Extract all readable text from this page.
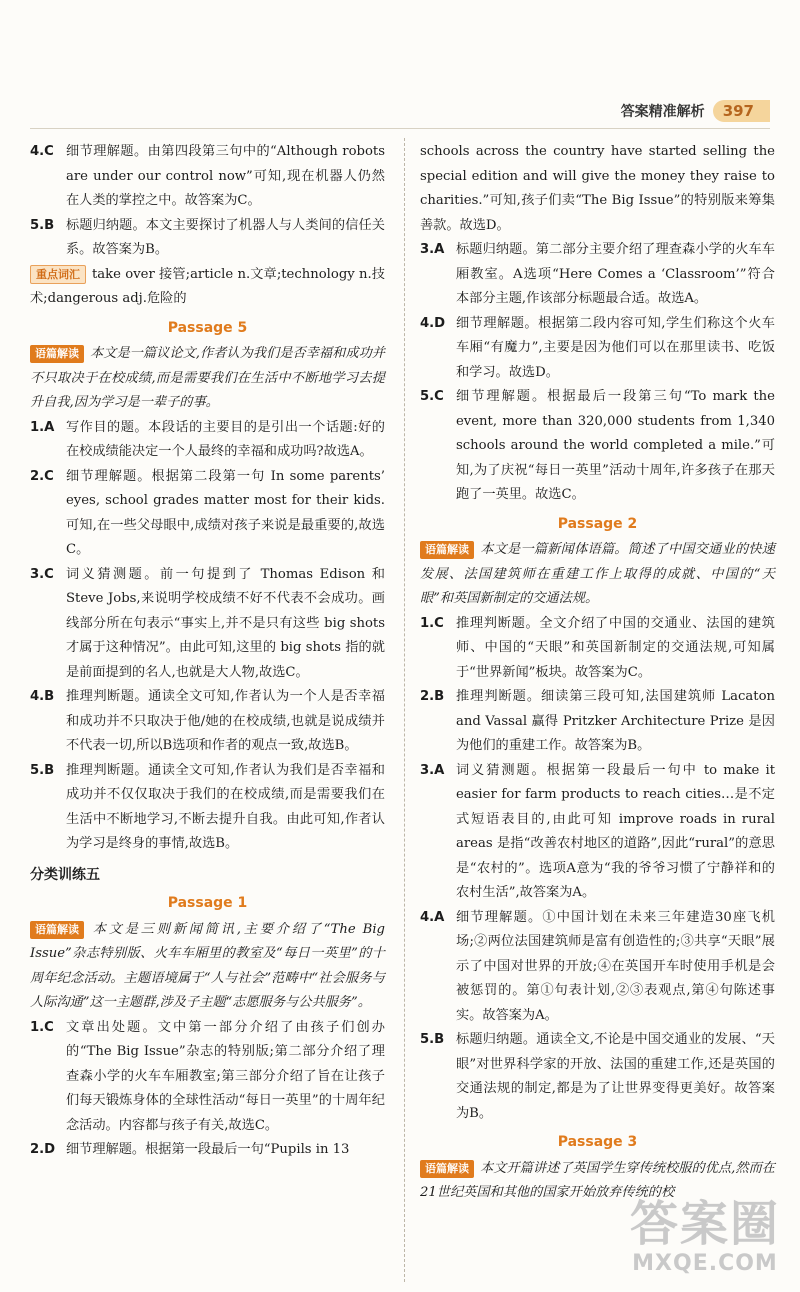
答案精准解析	397
4.C 细节理解题。由第四段第三句中的“Although robots are under our control now”可知,现在机器人仍然在人类的掌控之中。故答案为C。
5.B 标题归纳题。本文主要探讨了机器人与人类间的信任关系。故答案为B。
重点词汇 take over 接管;article n.文章;technology n.技术;dangerous adj.危险的
Passage 5
语篇解读 本文是一篇议论文,作者认为我们是否幸福和成功并不只取决于在校成绩,而是需要我们在生活中不断地学习去提升自我,因为学习是一辈子的事。
1.A 写作目的题。本段话的主要目的是引出一个话题:好的在校成绩能决定一个人最终的幸福和成功吗?故选A。
2.C 细节理解题。根据第二段第一句 In some parents’ eyes, school grades matter most for their kids.可知,在一些父母眼中,成绩对孩子来说是最重要的,故选C。
3.C 词义猜测题。前一句提到了 Thomas Edison 和 Steve Jobs,来说明学校成绩不好不代表不会成功。画线部分所在句表示“事实上,并不是只有这些 big shots 才属于这种情况”。由此可知,这里的 big shots 指的就是前面提到的名人,也就是大人物,故选C。
4.B 推理判断题。通读全文可知,作者认为一个人是否幸福和成功并不只取决于他/她的在校成绩,也就是说成绩并不代表一切,所以B选项和作者的观点一致,故选B。
5.B 推理判断题。通读全文可知,作者认为我们是否幸福和成功并不仅仅取决于我们的在校成绩,而是需要我们在生活中不断地学习,不断去提升自我。由此可知,作者认为学习是终身的事情,故选B。
分类训练五
Passage 1
语篇解读 本文是三则新闻简讯,主要介绍了“The Big Issue”杂志特别版、火车车厢里的教室及“每日一英里”的十周年纪念活动。主题语境属于“人与社会”范畴中“社会服务与人际沟通”这一主题群,涉及子主题“志愿服务与公共服务”。
1.C 文章出处题。文中第一部分介绍了由孩子们创办的“The Big Issue”杂志的特别版;第二部分介绍了理查森小学的火车车厢教室;第三部分介绍了旨在让孩子们每天锻炼身体的全球性活动“每日一英里”的十周年纪念活动。内容都与孩子有关,故选C。
2.D 细节理解题。根据第一段最后一句“Pupils in 13
schools across the country have started selling the special edition and will give the money they raise to charities.”可知,孩子们卖“The Big Issue”的特别版来筹集善款。故选D。
3.A 标题归纳题。第二部分主要介绍了理查森小学的火车车厢教室。A选项“Here Comes a ‘Classroom’”符合本部分主题,作该部分标题最合适。故选A。
4.D 细节理解题。根据第二段内容可知,学生们称这个火车车厢“有魔力”,主要是因为他们可以在那里读书、吃饭和学习。故选D。
5.C 细节理解题。根据最后一段第三句“To mark the event, more than 320,000 students from 1,340 schools around the world completed a mile.”可知,为了庆祝“每日一英里”活动十周年,许多孩子在那天跑了一英里。故选C。
Passage 2
语篇解读 本文是一篇新闻体语篇。简述了中国交通业的快速发展、法国建筑师在重建工作上取得的成就、中国的“天眼”和英国新制定的交通法规。
1.C 推理判断题。全文介绍了中国的交通业、法国的建筑师、中国的“天眼”和英国新制定的交通法规,可知属于“世界新闻”板块。故答案为C。
2.B 推理判断题。细读第三段可知,法国建筑师 Lacaton and Vassal 赢得 Pritzker Architecture Prize 是因为他们的重建工作。故答案为B。
3.A 词义猜测题。根据第一段最后一句中 to make it easier for farm products to reach cities…是不定式短语表目的,由此可知 improve roads in rural areas 是指“改善农村地区的道路”,因此“rural”的意思是“农村的”。选项A意为“我的爷爷习惯了宁静祥和的农村生活”,故答案为A。
4.A 细节理解题。①中国计划在未来三年建造30座飞机场;②两位法国建筑师是富有创造性的;③共享“天眼”展示了中国对世界的开放;④在英国开车时使用手机是会被惩罚的。第①句表计划,②③表观点,第④句陈述事实。故答案为A。
5.B 标题归纳题。通读全文,不论是中国交通业的发展、“天眼”对世界科学家的开放、法国的重建工作,还是英国的交通法规的制定,都是为了让世界变得更美好。故答案为B。
Passage 3
语篇解读 本文开篇讲述了英国学生穿传统校服的优点,然而在21世纪英国和其他的国家开始放弃传统的校
答案圈
MXQE.COM
